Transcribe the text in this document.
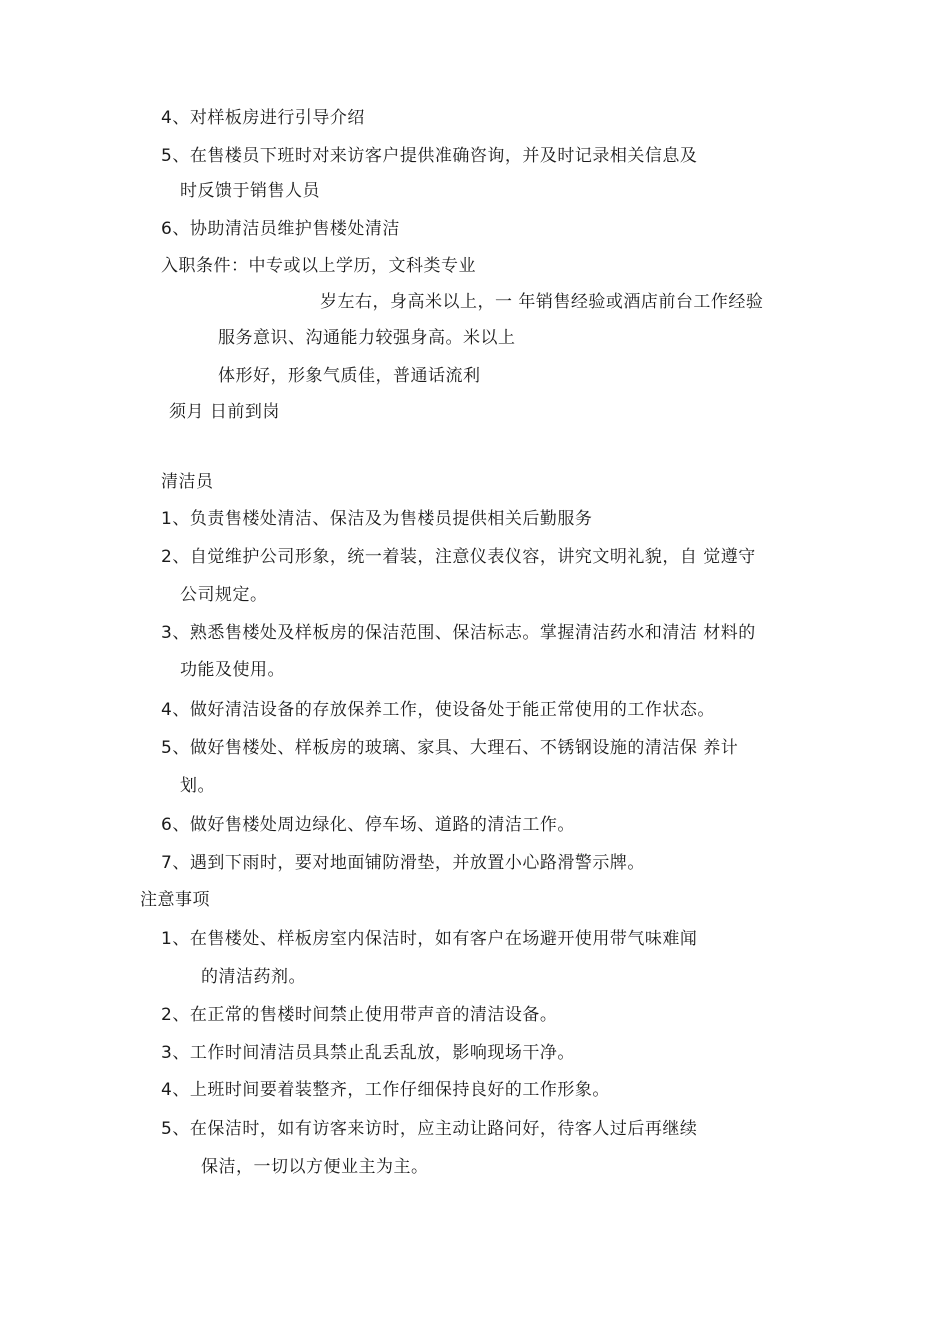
4、对样板房进行引导介绍
5、在售楼员下班时对来访客户提供准确咨询，并及时记录相关信息及
时反馈于销售人员
6、协助清洁员维护售楼处清洁
入职条件：中专或以上学历，文科类专业
岁左右，身高米以上，一 年销售经验或酒店前台工作经验
服务意识、沟通能力较强身高。米以上
体形好，形象气质佳，普通话流利
须月 日前到岗
清洁员
1、负责售楼处清洁、保洁及为售楼员提供相关后勤服务
2、自觉维护公司形象，统一着装，注意仪表仪容，讲究文明礼貌，自 觉遵守
公司规定。
3、熟悉售楼处及样板房的保洁范围、保洁标志。掌握清洁药水和清洁 材料的
功能及使用。
4、做好清洁设备的存放保养工作，使设备处于能正常使用的工作状态。
5、做好售楼处、样板房的玻璃、家具、大理石、不锈钢设施的清洁保 养计
划。
6、做好售楼处周边绿化、停车场、道路的清洁工作。
7、遇到下雨时，要对地面铺防滑垫，并放置小心路滑警示牌。
注意事项
1、在售楼处、样板房室内保洁时，如有客户在场避开使用带气味难闻
的清洁药剂。
2、在正常的售楼时间禁止使用带声音的清洁设备。
3、工作时间清洁员具禁止乱丢乱放，影响现场干净。
4、上班时间要着装整齐，工作仔细保持良好的工作形象。
5、在保洁时，如有访客来访时，应主动让路问好，待客人过后再继续
保洁，一切以方便业主为主。
